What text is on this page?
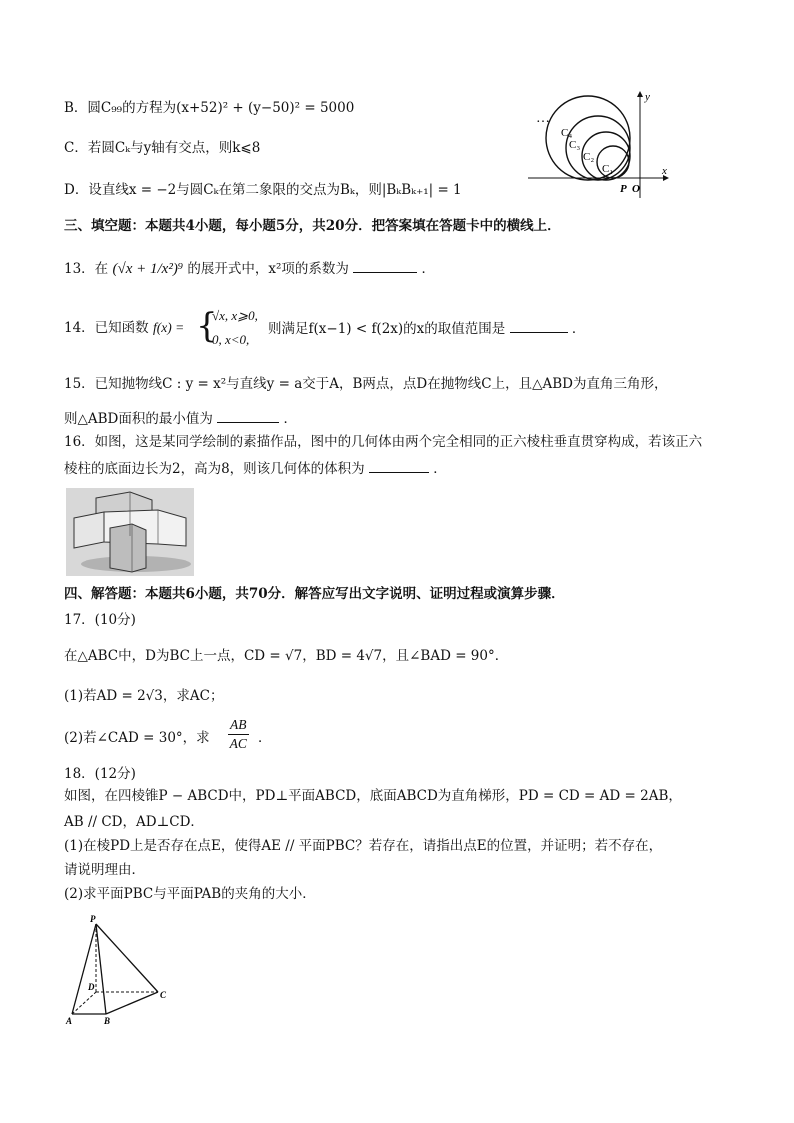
B．圆C₉₉的方程为(x+52)² + (y−50)² = 5000
C．若圆Cₖ与y轴有交点，则k⩽8
D．设直线x = −2与圆Cₖ在第二象限的交点为Bₖ，则|BₖBₖ₊₁| = 1
…
C₄
C₃
C₂
C₁	x
y
P O
三、填空题：本题共4小题，每小题5分，共20分．把答案填在答题卡中的横线上．
13．在 (√x + 1/x²)⁹ 的展开式中，x²项的系数为	．
14．已知函数 f(x) = {
√x, x⩾0,
0, x<0,
则满足f(x−1) < f(2x)的x的取值范围是	．
15．已知抛物线C : y = x²与直线y = a交于A，B两点，点D在抛物线C上，且△ABD为直角三角形，
则△ABD面积的最小值为	．
16．如图，这是某同学绘制的素描作品，图中的几何体由两个完全相同的正六棱柱垂直贯穿构成，若该正六
棱柱的底面边长为2，高为8，则该几何体的体积为	．
四、解答题：本题共6小题，共70分．解答应写出文字说明、证明过程或演算步骤．
17．(10分)
在△ABC中，D为BC上一点，CD = √7，BD = 4√7，且∠BAD = 90°．
(1)若AD = 2√3，求AC；
(2)若∠CAD = 30°，求 $\frac{AB}{AC}$ ．
18．(12分)
如图，在四棱锥P − ABCD中，PD⊥平面ABCD，底面ABCD为直角梯形，PD = CD = AD = 2AB，
AB // CD，AD⊥CD．
(1)在棱PD上是否存在点E，使得AE // 平面PBC？若存在，请指出点E的位置，并证明；若不存在，
请说明理由．
(2)求平面PBC与平面PAB的夹角的大小．
P
D
C
A	B
